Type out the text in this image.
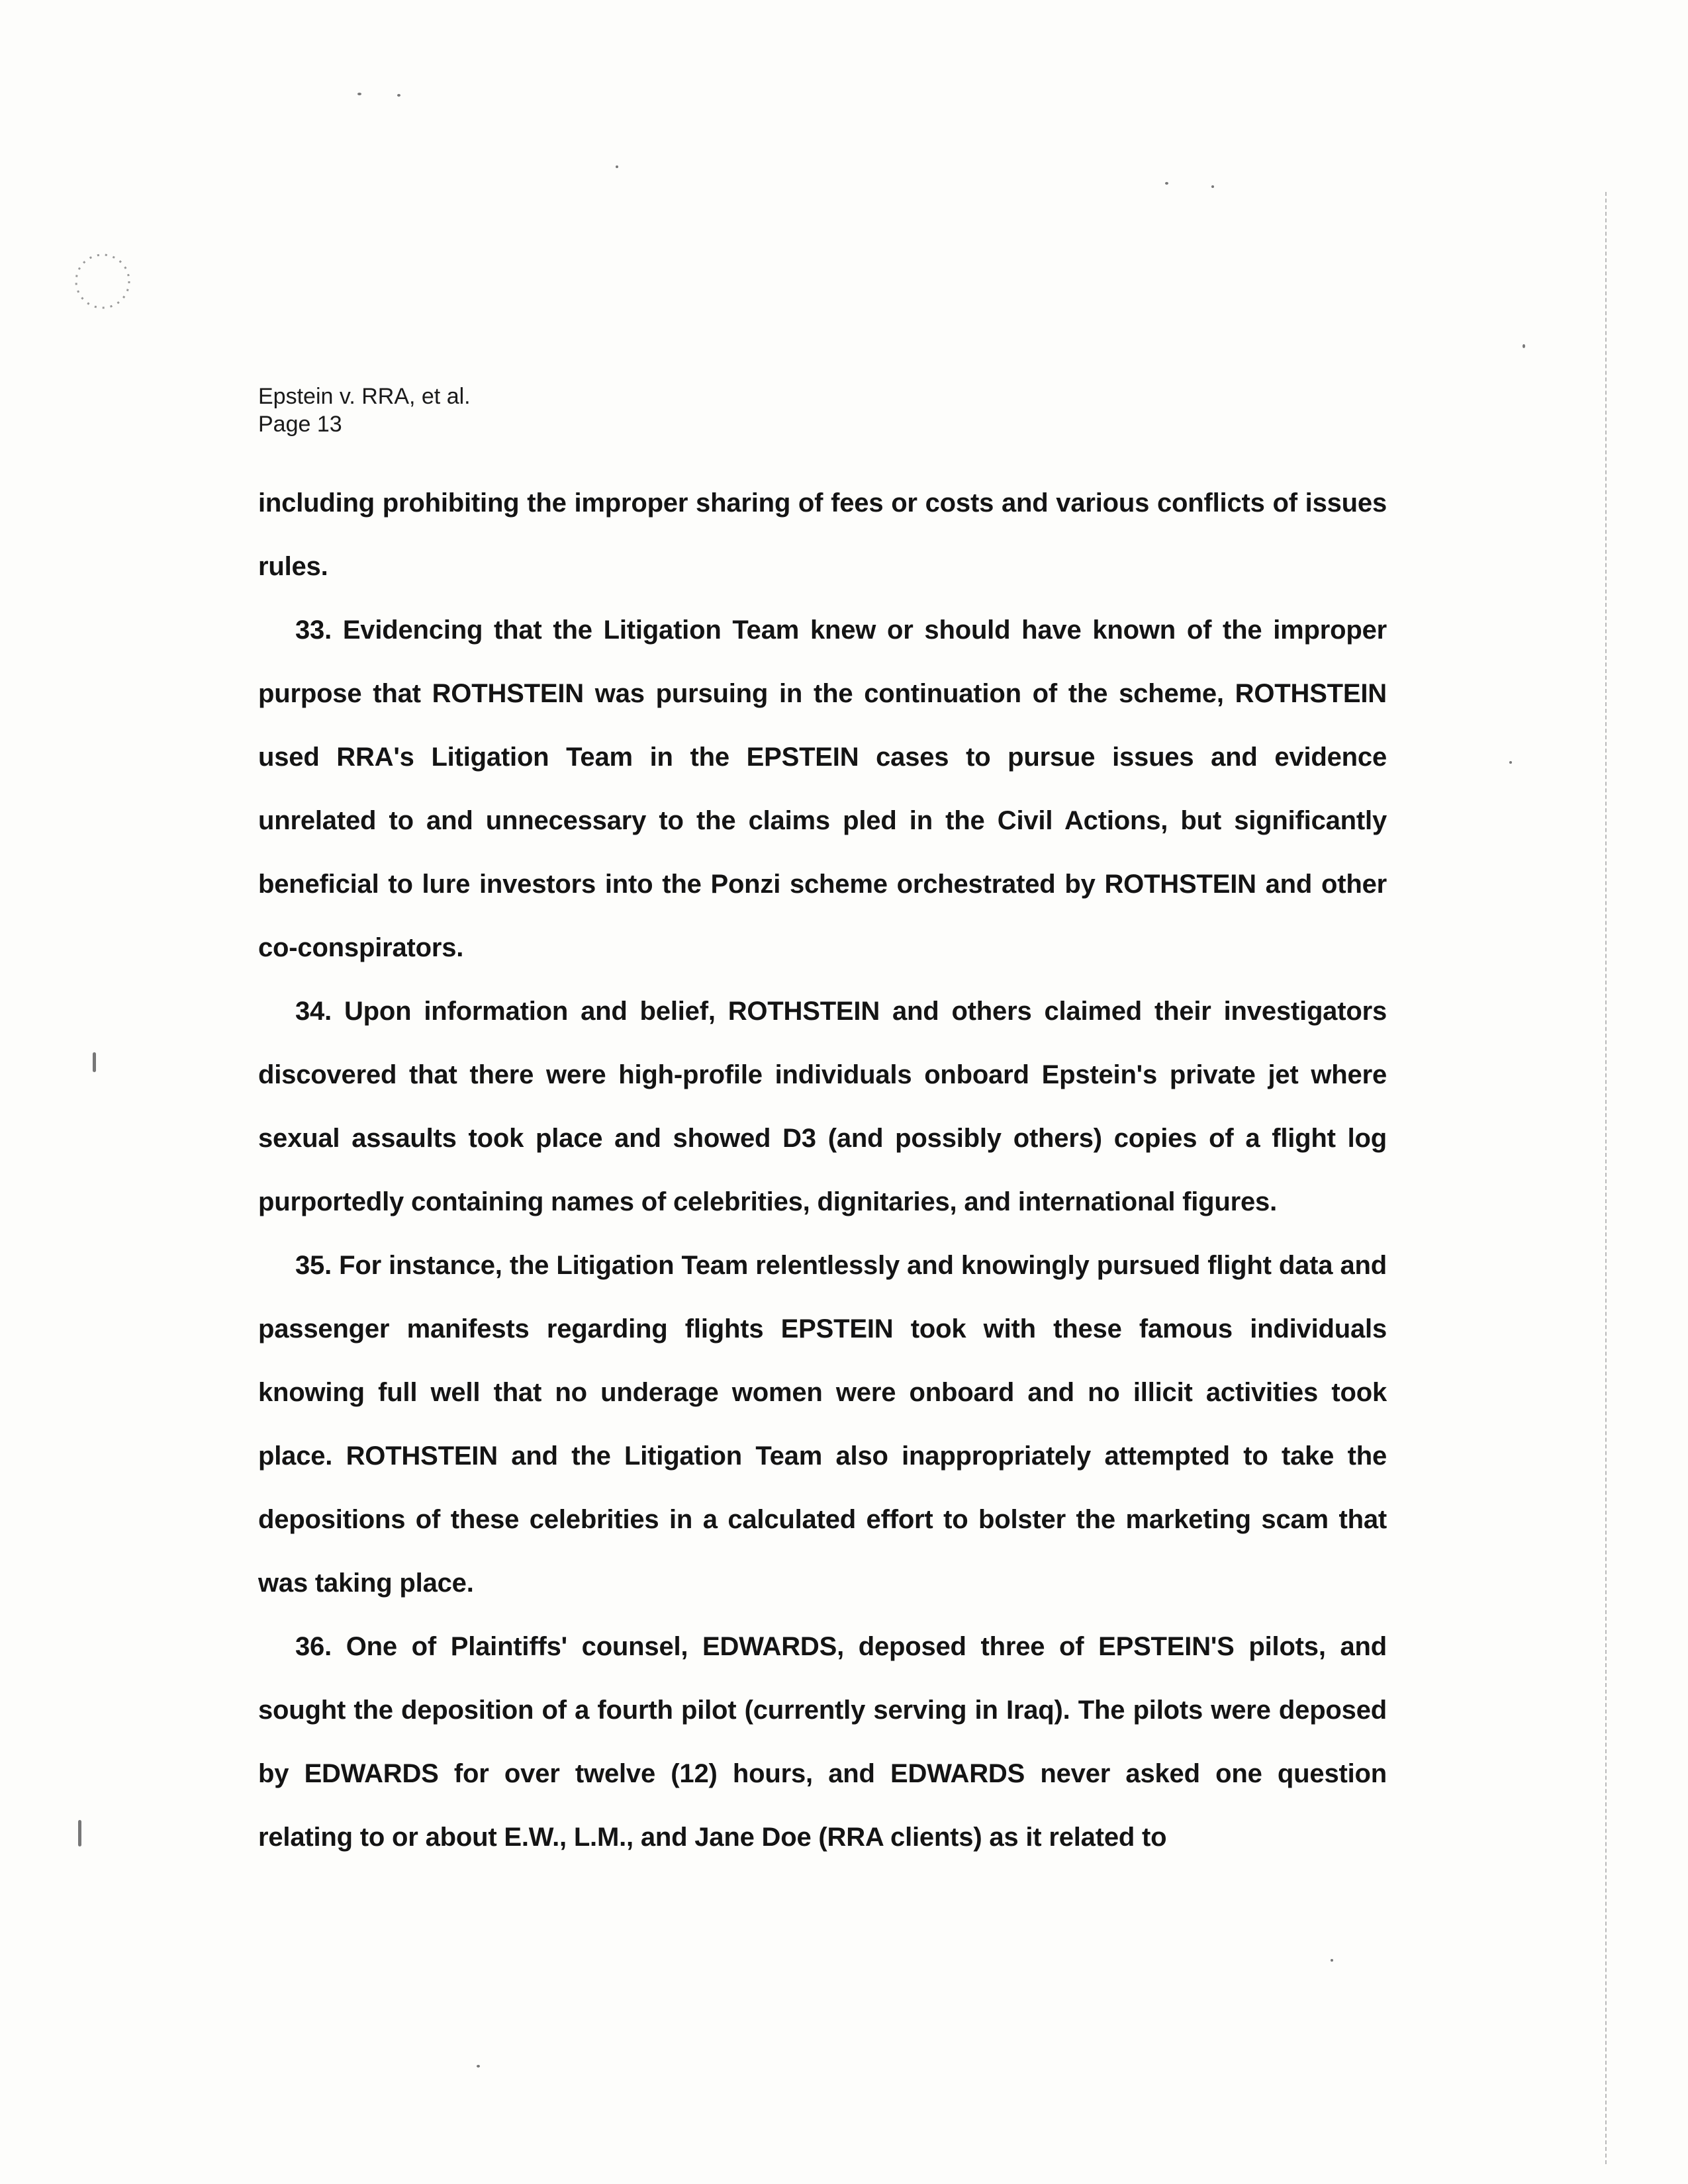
Epstein v. RRA, et al.
Page 13

including prohibiting the improper sharing of fees or costs and various conflicts of issues rules.

33. Evidencing that the Litigation Team knew or should have known of the improper purpose that ROTHSTEIN was pursuing in the continuation of the scheme, ROTHSTEIN used RRA's Litigation Team in the EPSTEIN cases to pursue issues and evidence unrelated to and unnecessary to the claims pled in the Civil Actions, but significantly beneficial to lure investors into the Ponzi scheme orchestrated by ROTHSTEIN and other co-conspirators.

34. Upon information and belief, ROTHSTEIN and others claimed their investigators discovered that there were high-profile individuals onboard Epstein's private jet where sexual assaults took place and showed D3 (and possibly others) copies of a flight log purportedly containing names of celebrities, dignitaries, and international figures.

35. For instance, the Litigation Team relentlessly and knowingly pursued flight data and passenger manifests regarding flights EPSTEIN took with these famous individuals knowing full well that no underage women were onboard and no illicit activities took place. ROTHSTEIN and the Litigation Team also inappropriately attempted to take the depositions of these celebrities in a calculated effort to bolster the marketing scam that was taking place.

36. One of Plaintiffs' counsel, EDWARDS, deposed three of EPSTEIN'S pilots, and sought the deposition of a fourth pilot (currently serving in Iraq). The pilots were deposed by EDWARDS for over twelve (12) hours, and EDWARDS never asked one question relating to or about E.W., L.M., and Jane Doe (RRA clients) as it related to
